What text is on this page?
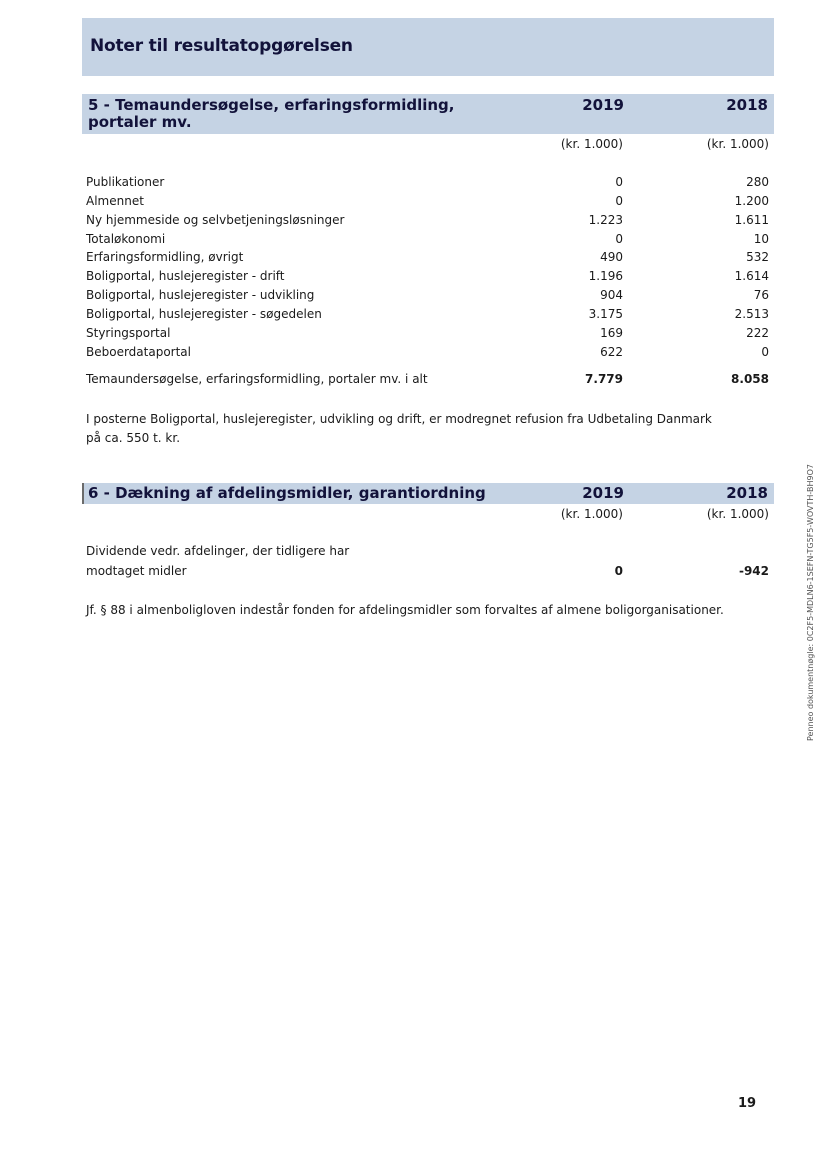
Noter til resultatopgørelsen
5 - Temaundersøgelse, erfaringsformidling, portaler mv.
2019	2018
(kr. 1.000)	(kr. 1.000)
Publikationer	0	280
Almennet	0	1.200
Ny hjemmeside og selvbetjeningsløsninger	1.223	1.611
Totaløkonomi	0	10
Erfaringsformidling, øvrigt	490	532
Boligportal, huslejeregister - drift	1.196	1.614
Boligportal, huslejeregister - udvikling	904	76
Boligportal, huslejeregister - søgedelen	3.175	2.513
Styringsportal	169	222
Beboerdataportal	622	0
Temaundersøgelse, erfaringsformidling, portaler mv. i alt	7.779	8.058
I posterne Boligportal, huslejeregister, udvikling og drift, er modregnet refusion fra Udbetaling Danmark
på ca. 550 t. kr.
6 - Dækning af afdelingsmidler, garantiordning	2019	2018
(kr. 1.000)	(kr. 1.000)
Dividende vedr. afdelinger, der tidligere har
modtaget midler	0	-942
Jf. § 88 i almenboligloven indestår fonden for afdelingsmidler som forvaltes af almene boligorganisationer.	Penneo dokumentnøgle: 0C2F5-MDLN6-1SEFN-TG5F5-WOVTH-BH9O7
19
